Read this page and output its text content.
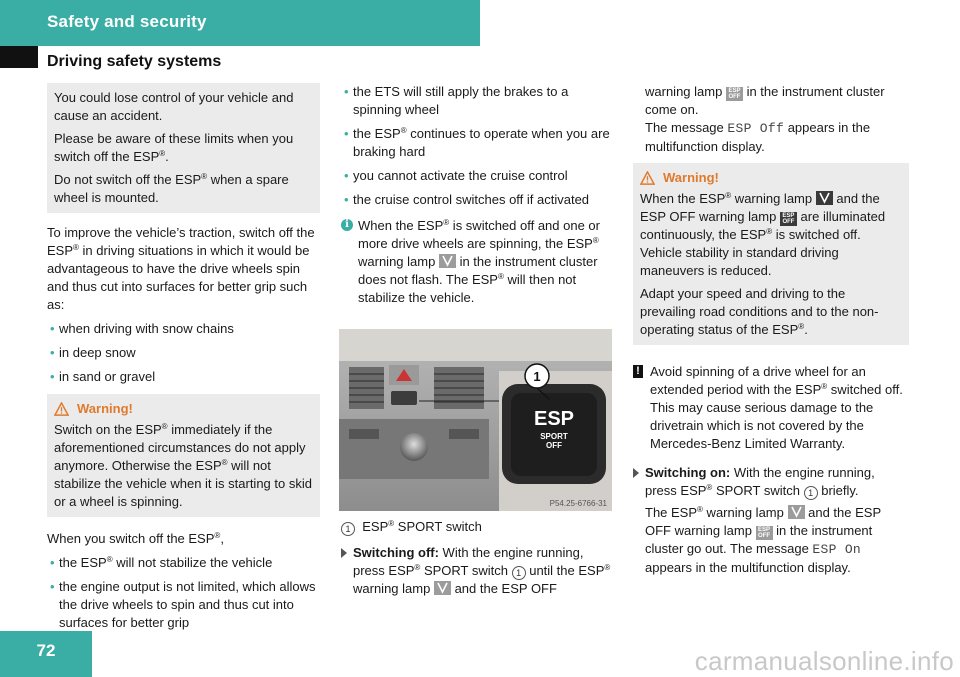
Safety and security
Driving safety systems

You could lose control of your vehicle and cause an accident.

Please be aware of these limits when you switch off the ESP®.

Do not switch off the ESP® when a spare wheel is mounted.

To improve the vehicle’s traction, switch off the ESP® in driving situations in which it would be advantageous to have the drive wheels spin and thus cut into surfaces for better grip such as:

• when driving with snow chains

• in deep snow

• in sand or gravel

Warning!

Switch on the ESP® immediately if the aforementioned circumstances do not apply anymore. Otherwise the ESP® will not stabilize the vehicle when it is starting to skid or a wheel is spinning.

When you switch off the ESP®,

• the ESP® will not stabilize the vehicle

• the engine output is not limited, which allows the drive wheels to spin and thus cut into surfaces for better grip

• the ETS will still apply the brakes to a spinning wheel

• the ESP® continues to operate when you are braking hard

• you cannot activate the cruise control

• the cruise control switches off if activated

i When the ESP® is switched off and one or more drive wheels are spinning, the ESP® warning lamp
in the instrument cluster does not flash. The ESP® will then not stabilize the vehicle.

ESP
SPORT
OFF
1
P54.25-6766-31

1 ESP® SPORT switch

Switching off: With the engine running, press ESP® SPORT switch 1 until the ESP® warning lamp
and the ESP OFF

warning lamp ESP
OFF in the instrument cluster come on.
The message ESP Off appears in the multifunction display.

Warning!

When the ESP® warning lamp
and the ESP OFF warning lamp ESP
OFF are illuminated continuously, the ESP® is switched off. Vehicle stability in standard driving maneuvers is reduced.

Adapt your speed and driving to the prevailing road conditions and to the non-operating status of the ESP®.

! Avoid spinning of a drive wheel for an extended period with the ESP® switched off. This may cause serious damage to the drivetrain which is not covered by the Mercedes-Benz Limited Warranty.

Switching on: With the engine running, press ESP® SPORT switch 1 briefly.

The ESP® warning lamp
and the ESP OFF warning lamp ESP
OFF in the instrument cluster go out. The message ESP On appears in the multifunction display.

72	carmanualsonline.info
